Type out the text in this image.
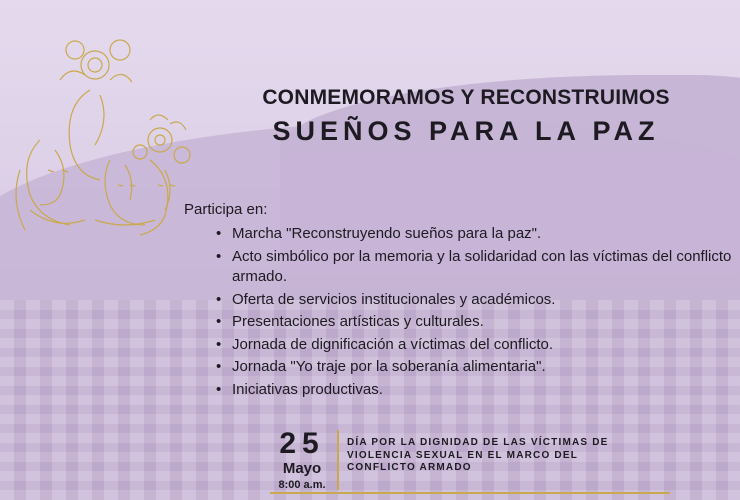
CONMEMORAMOS Y RECONSTRUIMOS
SUEÑOS PARA LA PAZ
Participa en:
• Marcha "Reconstruyendo sueños para la paz".
• Acto simbólico por la memoria y la solidaridad con las víctimas del conflicto armado.
• Oferta de servicios institucionales y académicos.
• Presentaciones artísticas y culturales.
• Jornada de dignificación a víctimas del conflicto.
• Jornada "Yo traje por la soberanía alimentaria".
• Iniciativas productivas.
25
Mayo
8:00 a.m.
DÍA POR LA DIGNIDAD DE LAS VÍCTIMAS DE VIOLENCIA SEXUAL EN EL MARCO DEL CONFLICTO ARMADO
